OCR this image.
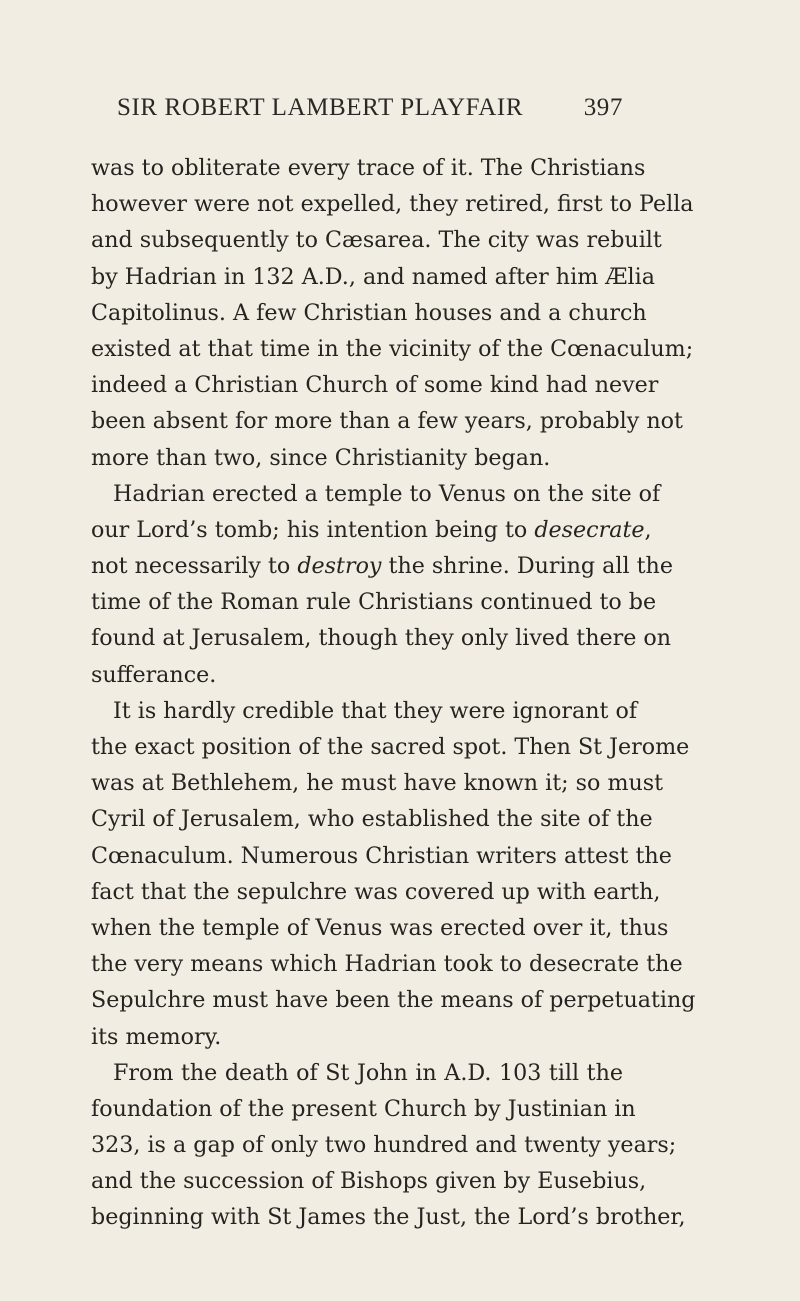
SIR ROBERT LAMBERT PLAYFAIR 397
was to obliterate every trace of it. The Christians
however were not expelled, they retired, first to Pella
and subsequently to Cæsarea. The city was rebuilt
by Hadrian in 132 A.D., and named after him Ælia
Capitolinus. A few Christian houses and a church
existed at that time in the vicinity of the Cœnaculum;
indeed a Christian Church of some kind had never
been absent for more than a few years, probably not
more than two, since Christianity began.
Hadrian erected a temple to Venus on the site of
our Lord’s tomb; his intention being to desecrate,
not necessarily to destroy the shrine. During all the
time of the Roman rule Christians continued to be
found at Jerusalem, though they only lived there on
sufferance.
It is hardly credible that they were ignorant of
the exact position of the sacred spot. Then St Jerome
was at Bethlehem, he must have known it; so must
Cyril of Jerusalem, who established the site of the
Cœnaculum. Numerous Christian writers attest the
fact that the sepulchre was covered up with earth,
when the temple of Venus was erected over it, thus
the very means which Hadrian took to desecrate the
Sepulchre must have been the means of perpetuating
its memory.
From the death of St John in A.D. 103 till the
foundation of the present Church by Justinian in
323, is a gap of only two hundred and twenty years;
and the succession of Bishops given by Eusebius,
beginning with St James the Just, the Lord’s brother,
